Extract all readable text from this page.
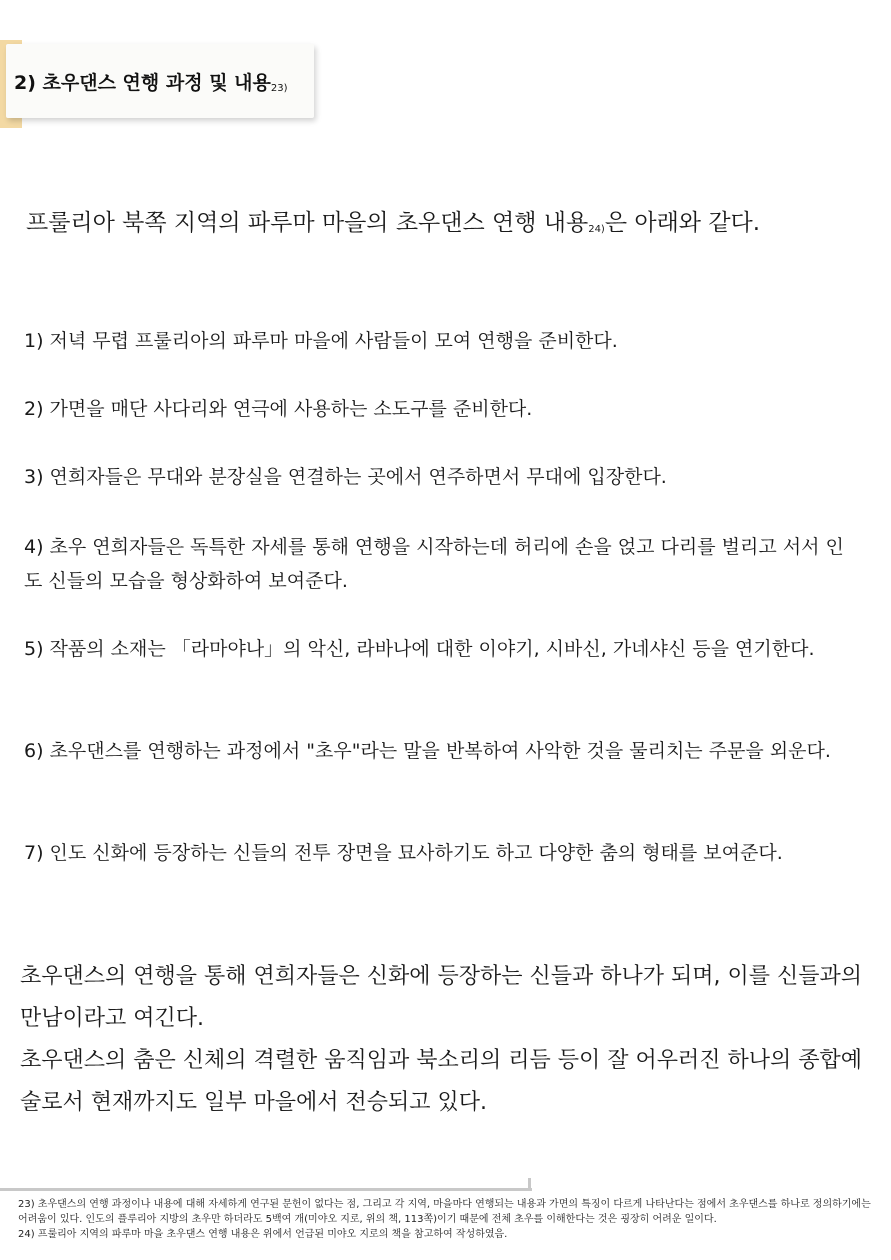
2) 초우댄스 연행 과정 및 내용$^{23)}$
프룰리아 북쪽 지역의 파루마 마을의 초우댄스 연행 내용$^{24)}$은 아래와 같다.
1) 저녁 무렵 프룰리아의 파루마 마을에 사람들이 모여 연행을 준비한다.
2) 가면을 매단 사다리와 연극에 사용하는 소도구를 준비한다.
3) 연희자들은 무대와 분장실을 연결하는 곳에서 연주하면서 무대에 입장한다.
4) 초우 연희자들은 독특한 자세를 통해 연행을 시작하는데 허리에 손을 얹고 다리를 벌리고 서서 인도 신들의 모습을 형상화하여 보여준다.
5) 작품의 소재는 「라마야나」의 악신, 라바나에 대한 이야기, 시바신, 가네샤신 등을 연기한다.
6) 초우댄스를 연행하는 과정에서 "초우"라는 말을 반복하여 사악한 것을 물리치는 주문을 외운다.
7) 인도 신화에 등장하는 신들의 전투 장면을 묘사하기도 하고 다양한 춤의 형태를 보여준다.

초우댄스의 연행을 통해 연희자들은 신화에 등장하는 신들과 하나가 되며, 이를 신들과의 만남이라고 여긴다.

초우댄스의 춤은 신체의 격렬한 움직임과 북소리의 리듬 등이 잘 어우러진 하나의 종합예술로서 현재까지도 일부 마을에서 전승되고 있다.

23) 초우댄스의 연행 과정이나 내용에 대해 자세하게 연구된 문헌이 없다는 점, 그리고 각 지역, 마을마다 연행되는 내용과 가면의 특징이 다르게 나타난다는 점에서 초우댄스를 하나로 정의하기에는 어려움이 있다. 인도의 플루리아 지방의 초우만 하더라도 5백여 개(미야오 지로, 위의 책, 113쪽)이기 때문에 전체 초우를 이해한다는 것은 굉장히 어려운 일이다.

24) 프룰리아 지역의 파루마 마을 초우댄스 연행 내용은 위에서 언급된 미야오 지로의 책을 참고하여 작성하였음.
